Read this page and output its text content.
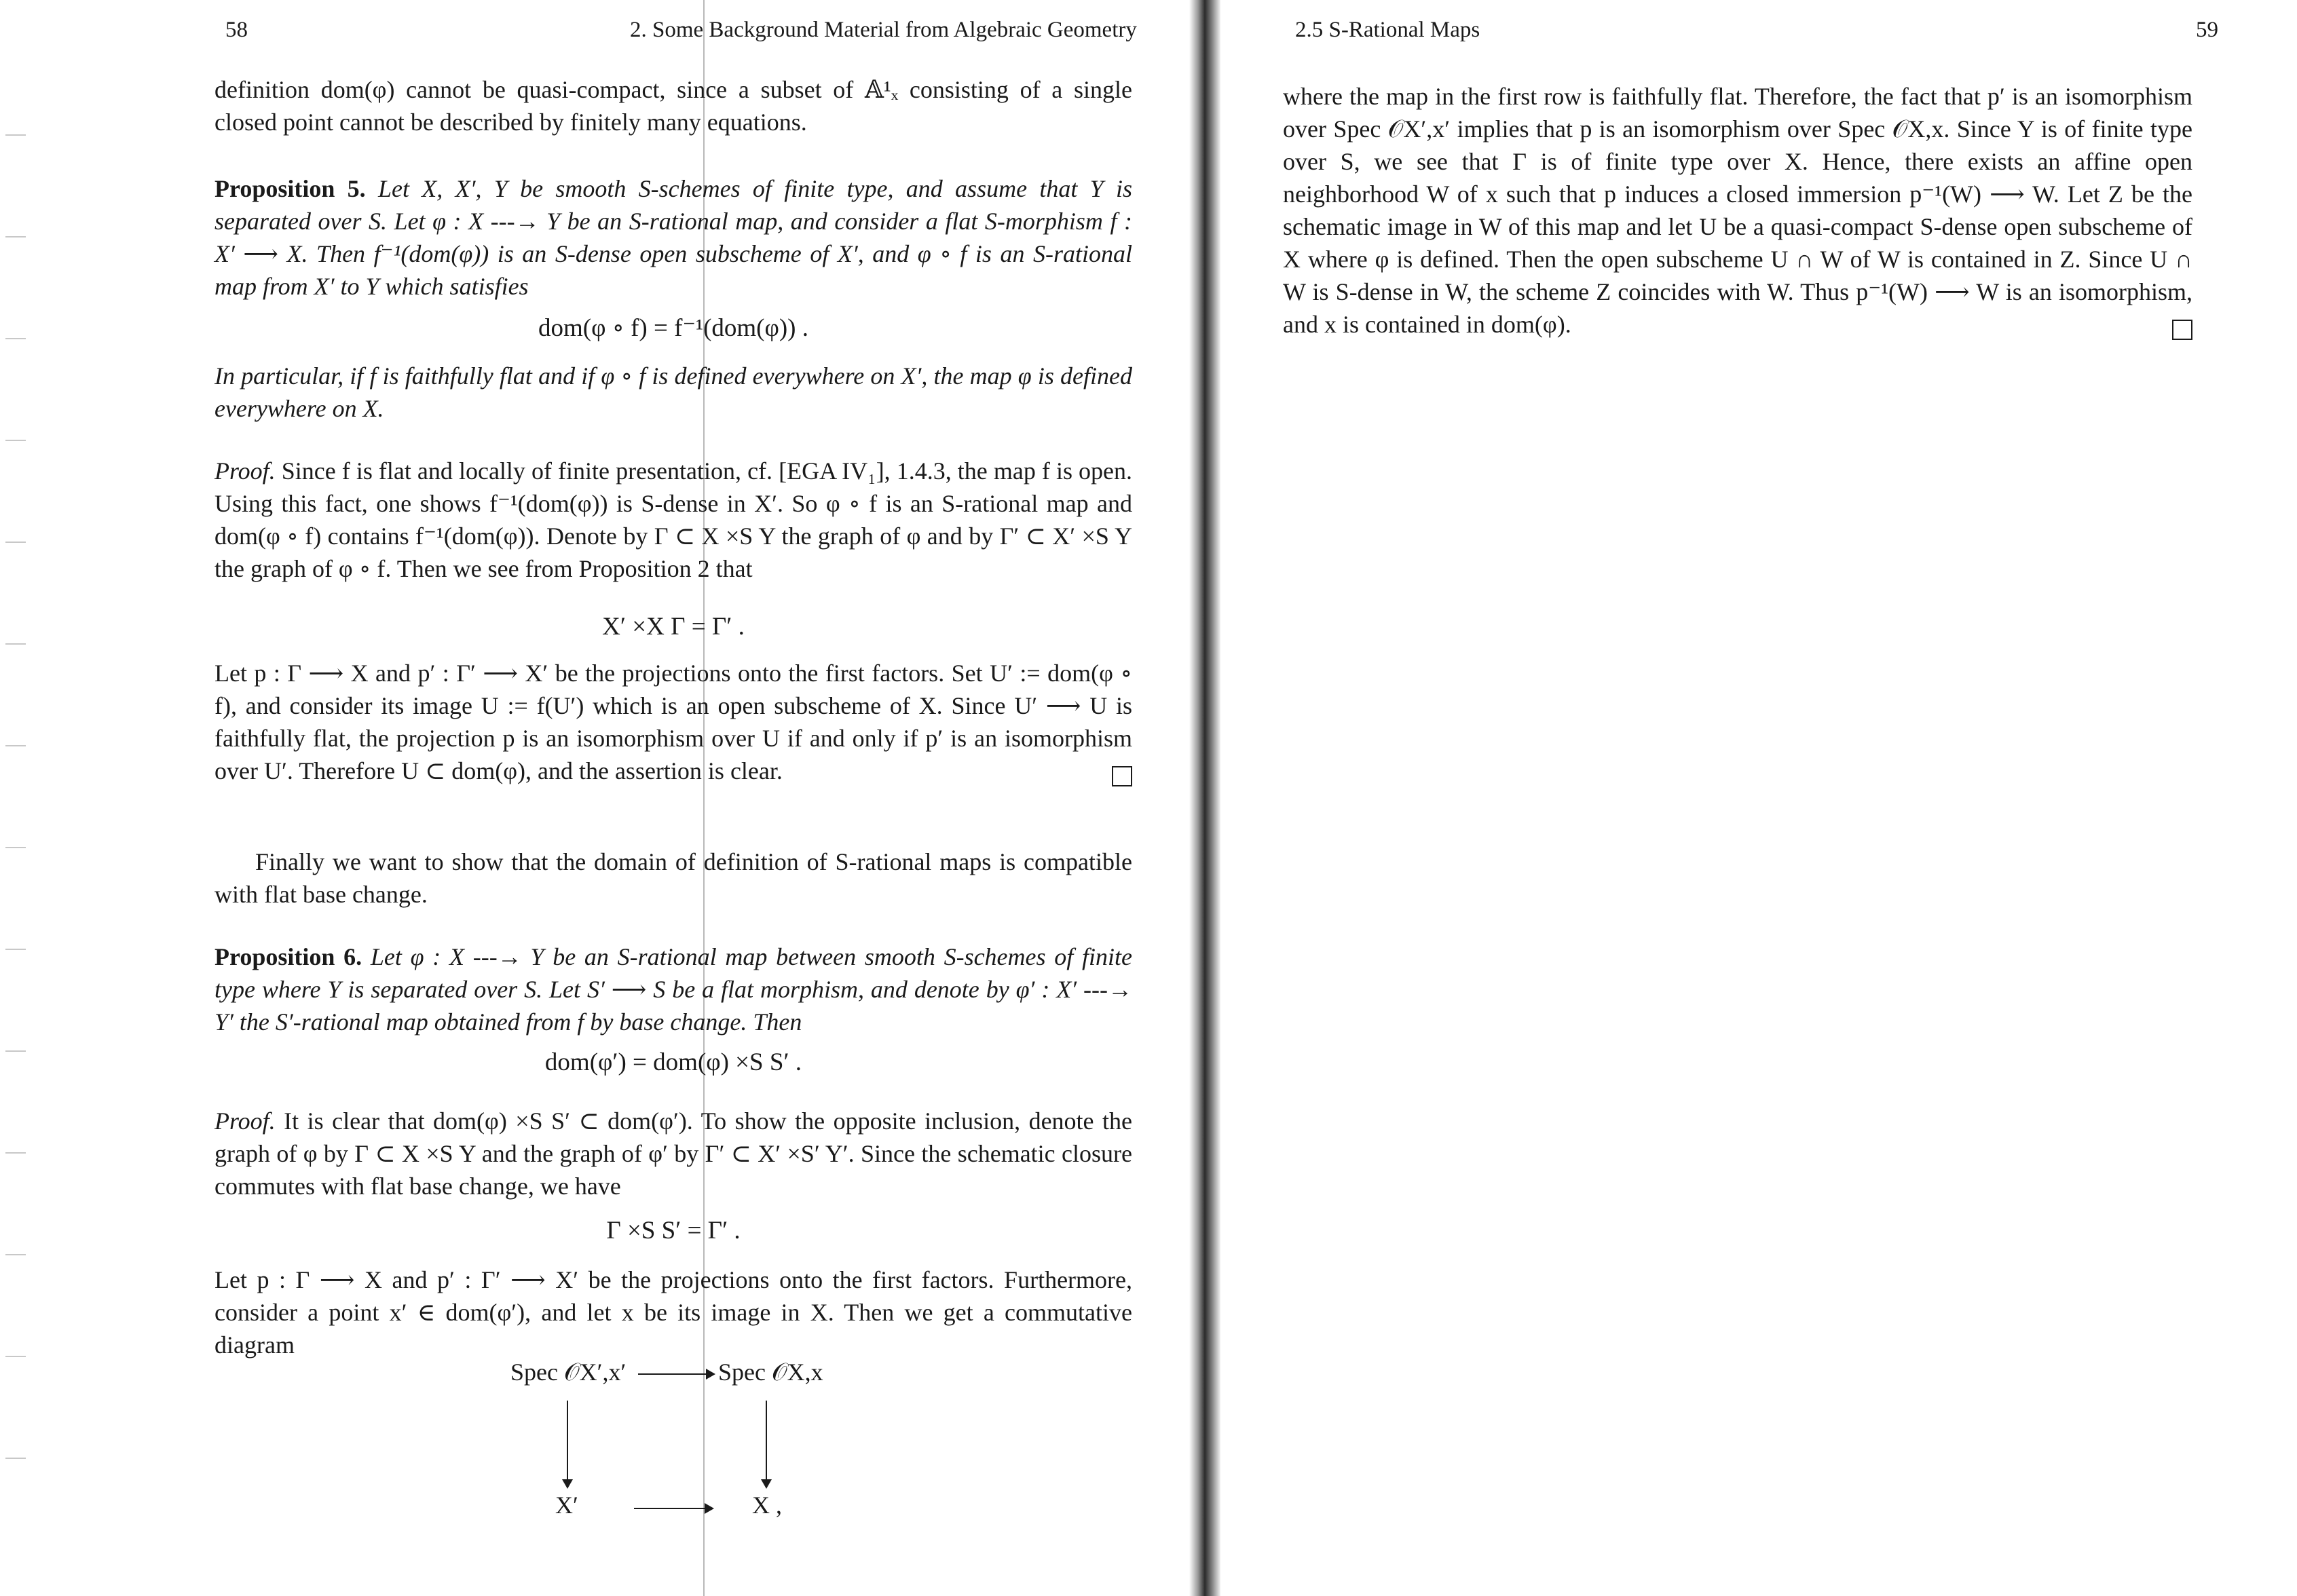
58	2. Some Background Material from Algebraic Geometry

definition dom(φ) cannot be quasi-compact, since a subset of 𝔸¹ₓ consisting of a single closed point cannot be described by finitely many equations.

Proposition 5. Let X, X′, Y be smooth S-schemes of finite type, and assume that Y is separated over S. Let φ : X ---→ Y be an S-rational map, and consider a flat S-morphism f : X′ ⟶ X. Then f⁻¹(dom(φ)) is an S-dense open subscheme of X′, and φ ∘ f is an S-rational map from X′ to Y which satisfies

dom(φ ∘ f) = f⁻¹(dom(φ)) .

In particular, if f is faithfully flat and if φ ∘ f is defined everywhere on X′, the map φ is defined everywhere on X.

Proof. Since f is flat and locally of finite presentation, cf. [EGA IV₁], 1.4.3, the map f is open. Using this fact, one shows f⁻¹(dom(φ)) is S-dense in X′. So φ ∘ f is an S-rational map and dom(φ ∘ f) contains f⁻¹(dom(φ)). Denote by Γ ⊂ X ×S Y the graph of φ and by Γ′ ⊂ X′ ×S Y the graph of φ ∘ f. Then we see from Proposition 2 that

X′ ×X Γ = Γ′ .

Let p : Γ ⟶ X and p′ : Γ′ ⟶ X′ be the projections onto the first factors. Set U′ := dom(φ ∘ f), and consider its image U := f(U′) which is an open subscheme of X. Since U′ ⟶ U is faithfully flat, the projection p is an isomorphism over U if and only if p′ is an isomorphism over U′. Therefore U ⊂ dom(φ), and the assertion is clear.

Finally we want to show that the domain of definition of S-rational maps is compatible with flat base change.

Proposition 6. Let φ : X ---→ Y be an S-rational map between smooth S-schemes of finite type where Y is separated over S. Let S′ ⟶ S be a flat morphism, and denote by φ′ : X′ ---→ Y′ the S′-rational map obtained from f by base change. Then

dom(φ′) = dom(φ) ×S S′ .

Proof. It is clear that dom(φ) ×S S′ ⊂ dom(φ′). To show the opposite inclusion, denote the graph of φ by Γ ⊂ X ×S Y and the graph of φ′ by Γ′ ⊂ X′ ×S′ Y′. Since the schematic closure commutes with flat base change, we have

Γ ×S S′ = Γ′ .

Let p : Γ ⟶ X and p′ : Γ′ ⟶ X′ be the projections onto the first factors. Furthermore, consider a point x′ ∈ dom(φ′), and let x be its image in X. Then we get a commutative diagram

Spec 𝒪X′,x′	Spec 𝒪X,x
X′	X ,
2.5 S-Rational Maps	59

where the map in the first row is faithfully flat. Therefore, the fact that p′ is an isomorphism over Spec 𝒪X′,x′ implies that p is an isomorphism over Spec 𝒪X,x. Since Y is of finite type over S, we see that Γ is of finite type over X. Hence, there exists an affine open neighborhood W of x such that p induces a closed immersion p⁻¹(W) ⟶ W. Let Z be the schematic image in W of this map and let U be a quasi-compact S-dense open subscheme of X where φ is defined. Then the open subscheme U ∩ W of W is contained in Z. Since U ∩ W is S-dense in W, the scheme Z coincides with W. Thus p⁻¹(W) ⟶ W is an isomorphism, and x is contained in dom(φ).
